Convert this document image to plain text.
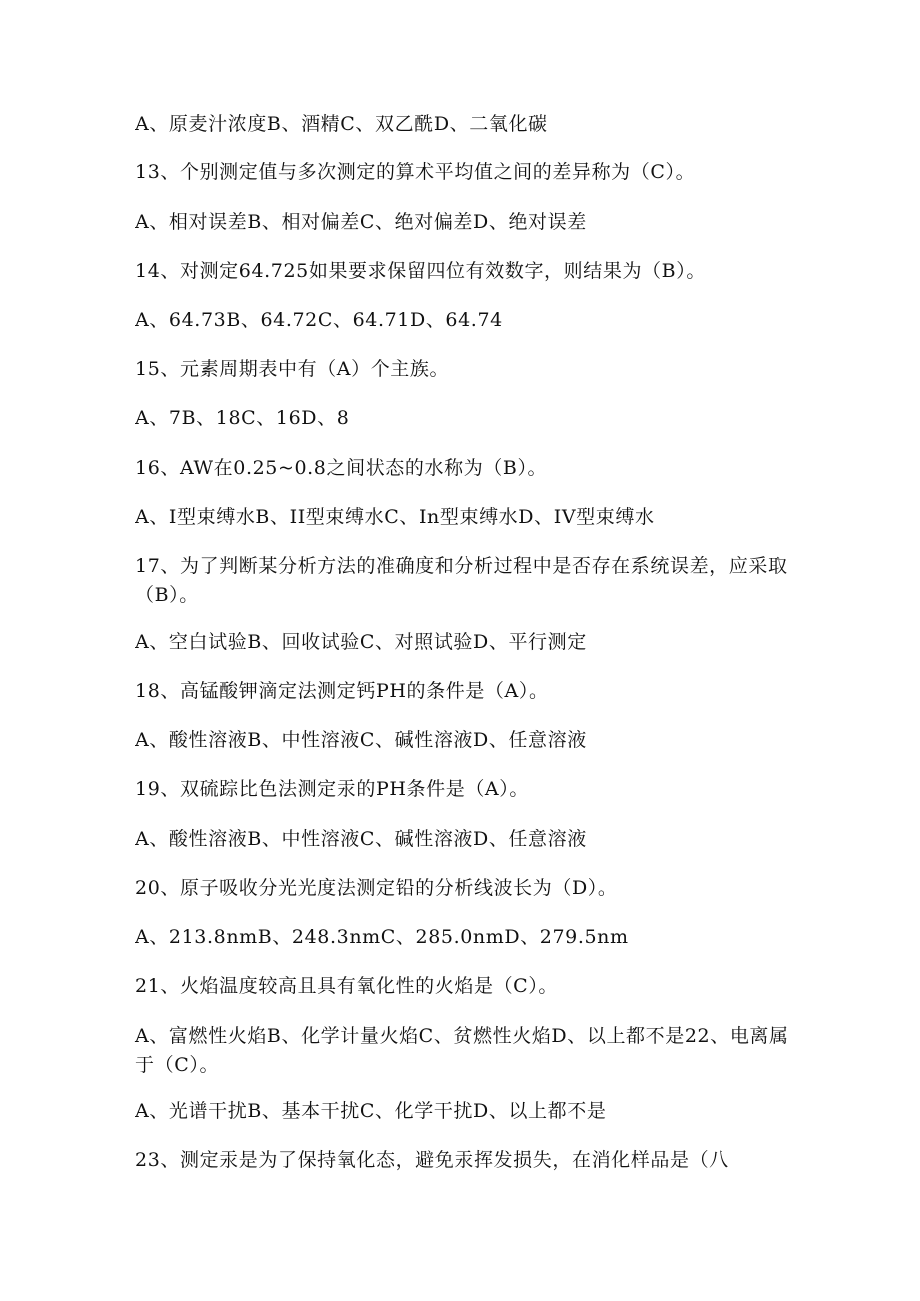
A、原麦汁浓度B、酒精C、双乙酰D、二氧化碳
13、个别测定值与多次测定的算术平均值之间的差异称为（C）。
A、相对误差B、相对偏差C、绝对偏差D、绝对误差
14、对测定64.725如果要求保留四位有效数字，则结果为（B）。
A、64.73B、64.72C、64.71D、64.74
15、元素周期表中有（A）个主族。
A、7B、18C、16D、8
16、AW在0.25~0.8之间状态的水称为（B）。
A、I型束缚水B、II型束缚水C、In型束缚水D、IV型束缚水
17、为了判断某分析方法的准确度和分析过程中是否存在系统误差，应采取（B）。
A、空白试验B、回收试验C、对照试验D、平行测定
18、高锰酸钾滴定法测定钙PH的条件是（A）。
A、酸性溶液B、中性溶液C、碱性溶液D、任意溶液
19、双硫踪比色法测定汞的PH条件是（A）。
A、酸性溶液B、中性溶液C、碱性溶液D、任意溶液
20、原子吸收分光光度法测定铅的分析线波长为（D）。
A、213.8nmB、248.3nmC、285.0nmD、279.5nm
21、火焰温度较高且具有氧化性的火焰是（C）。
A、富燃性火焰B、化学计量火焰C、贫燃性火焰D、以上都不是22、电离属于（C）。
A、光谱干扰B、基本干扰C、化学干扰D、以上都不是
23、测定汞是为了保持氧化态，避免汞挥发损失，在消化样品是（八
